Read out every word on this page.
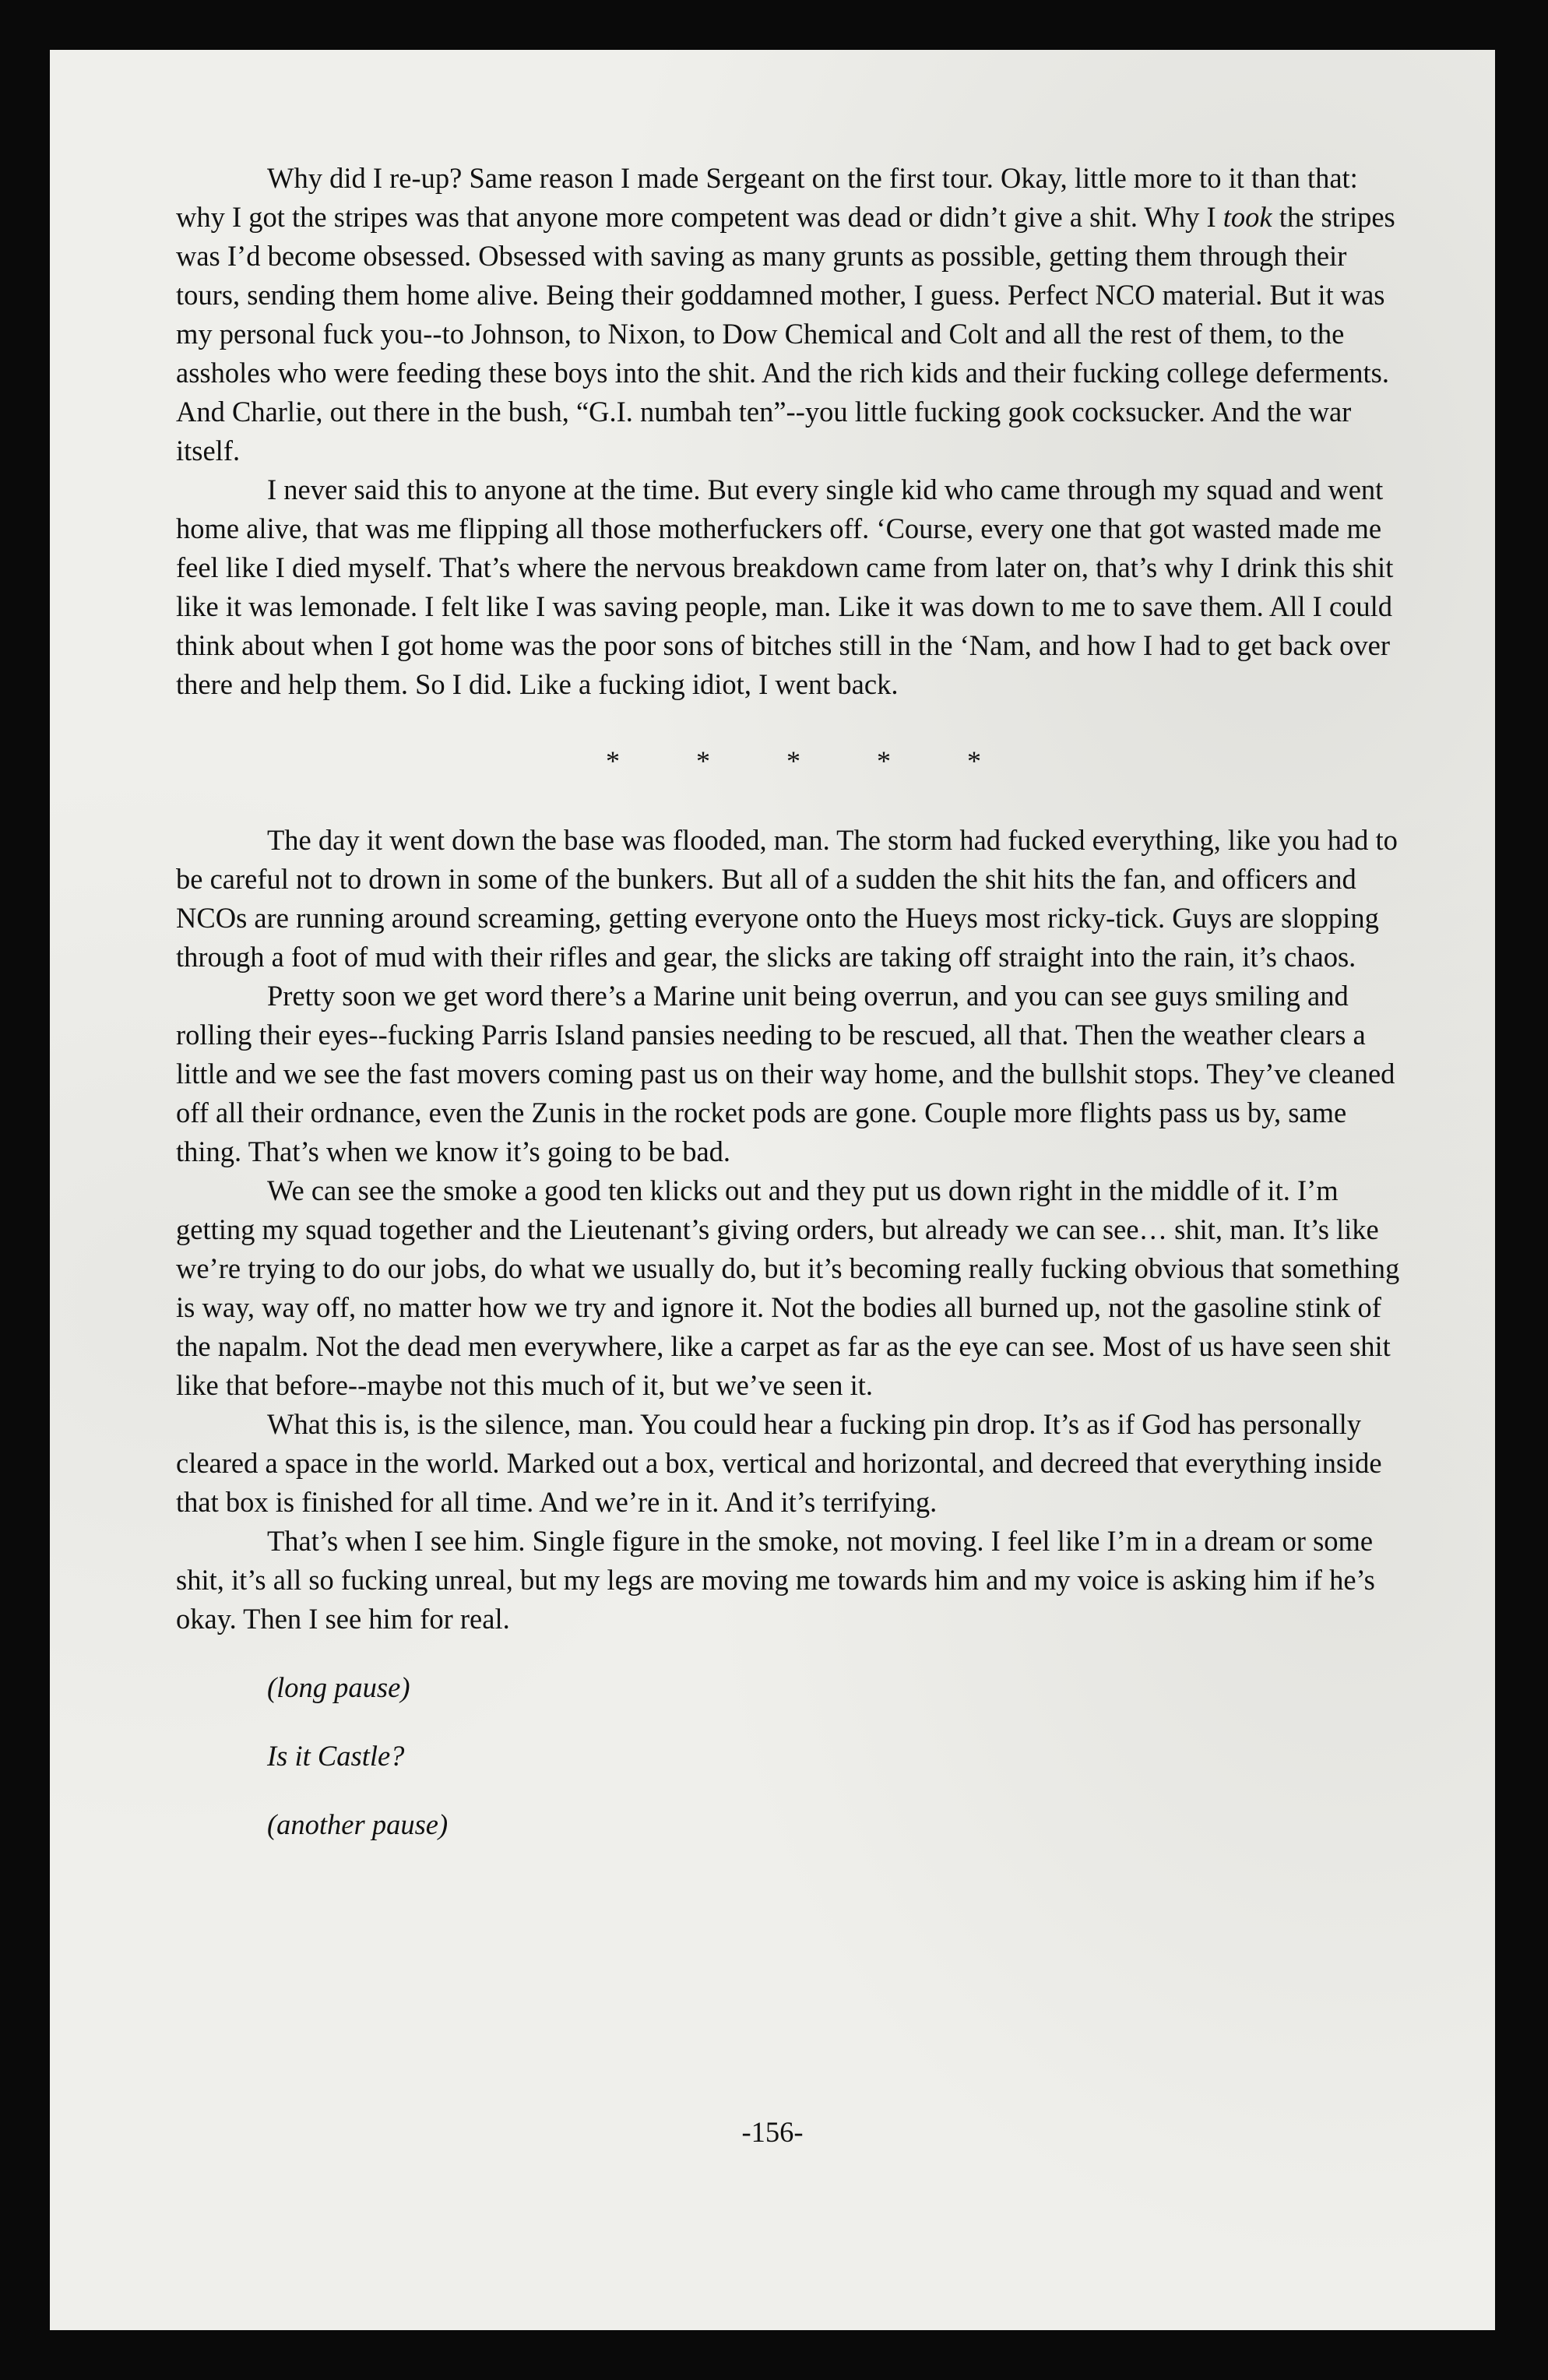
Why did I re-up? Same reason I made Sergeant on the first tour. Okay, little more to it than that: why I got the stripes was that anyone more competent was dead or didn’t give a shit. Why I took the stripes was I’d become obsessed. Obsessed with saving as many grunts as possible, getting them through their tours, sending them home alive. Being their goddamned mother, I guess. Perfect NCO material. But it was my personal fuck you--to Johnson, to Nixon, to Dow Chemical and Colt and all the rest of them, to the assholes who were feeding these boys into the shit. And the rich kids and their fucking college deferments. And Charlie, out there in the bush, “G.I. numbah ten”--you little fucking gook cocksucker. And the war itself.

I never said this to anyone at the time. But every single kid who came through my squad and went home alive, that was me flipping all those motherfuckers off. ‘Course, every one that got wasted made me feel like I died myself. That’s where the nervous breakdown came from later on, that’s why I drink this shit like it was lemonade. I felt like I was saving people, man. Like it was down to me to save them. All I could think about when I got home was the poor sons of bitches still in the ‘Nam, and how I had to get back over there and help them. So I did. Like a fucking idiot, I went back.

*	*	*	*	*

The day it went down the base was flooded, man. The storm had fucked everything, like you had to be careful not to drown in some of the bunkers. But all of a sudden the shit hits the fan, and officers and NCOs are running around screaming, getting everyone onto the Hueys most ricky-tick. Guys are slopping through a foot of mud with their rifles and gear, the slicks are taking off straight into the rain, it’s chaos.

Pretty soon we get word there’s a Marine unit being overrun, and you can see guys smiling and rolling their eyes--fucking Parris Island pansies needing to be rescued, all that. Then the weather clears a little and we see the fast movers coming past us on their way home, and the bullshit stops. They’ve cleaned off all their ordnance, even the Zunis in the rocket pods are gone. Couple more flights pass us by, same thing. That’s when we know it’s going to be bad.

We can see the smoke a good ten klicks out and they put us down right in the middle of it. I’m getting my squad together and the Lieutenant’s giving orders, but already we can see… shit, man. It’s like we’re trying to do our jobs, do what we usually do, but it’s becoming really fucking obvious that something is way, way off, no matter how we try and ignore it. Not the bodies all burned up, not the gasoline stink of the napalm. Not the dead men everywhere, like a carpet as far as the eye can see. Most of us have seen shit like that before--maybe not this much of it, but we’ve seen it.

What this is, is the silence, man. You could hear a fucking pin drop. It’s as if God has personally cleared a space in the world. Marked out a box, vertical and horizontal, and decreed that everything inside that box is finished for all time. And we’re in it. And it’s terrifying.

That’s when I see him. Single figure in the smoke, not moving. I feel like I’m in a dream or some shit, it’s all so fucking unreal, but my legs are moving me towards him and my voice is asking him if he’s okay. Then I see him for real.

(long pause)
Is it Castle?
(another pause)
-156-
